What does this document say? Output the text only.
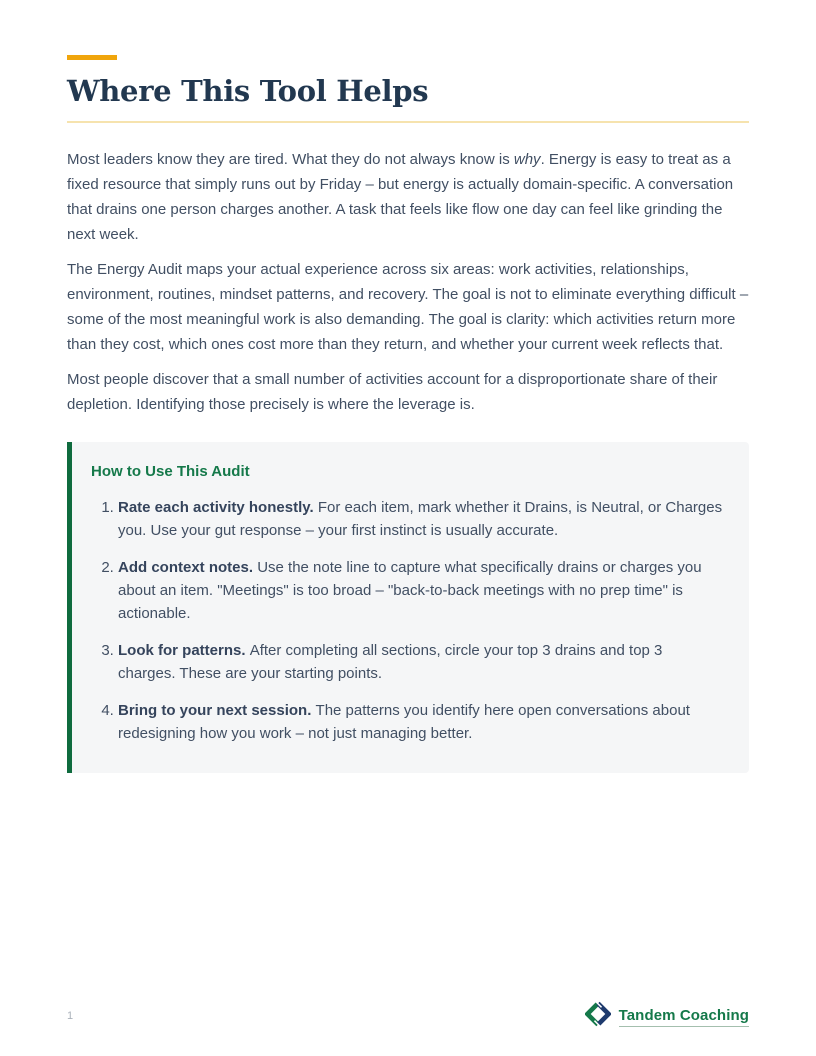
Where This Tool Helps

Most leaders know they are tired. What they do not always know is why. Energy is easy to treat as a fixed resource that simply runs out by Friday – but energy is actually domain-specific. A conversation that drains one person charges another. A task that feels like flow one day can feel like grinding the next week.

The Energy Audit maps your actual experience across six areas: work activities, relationships, environment, routines, mindset patterns, and recovery. The goal is not to eliminate everything difficult – some of the most meaningful work is also demanding. The goal is clarity: which activities return more than they cost, which ones cost more than they return, and whether your current week reflects that.

Most people discover that a small number of activities account for a disproportionate share of their depletion. Identifying those precisely is where the leverage is.

How to Use This Audit
1. Rate each activity honestly. For each item, mark whether it Drains, is Neutral, or Charges you. Use your gut response – your first instinct is usually accurate.
2. Add context notes. Use the note line to capture what specifically drains or charges you about an item. "Meetings" is too broad – "back-to-back meetings with no prep time" is actionable.
3. Look for patterns. After completing all sections, circle your top 3 drains and top 3 charges. These are your starting points.
4. Bring to your next session. The patterns you identify here open conversations about redesigning how you work – not just managing better.
1	Tandem Coaching
